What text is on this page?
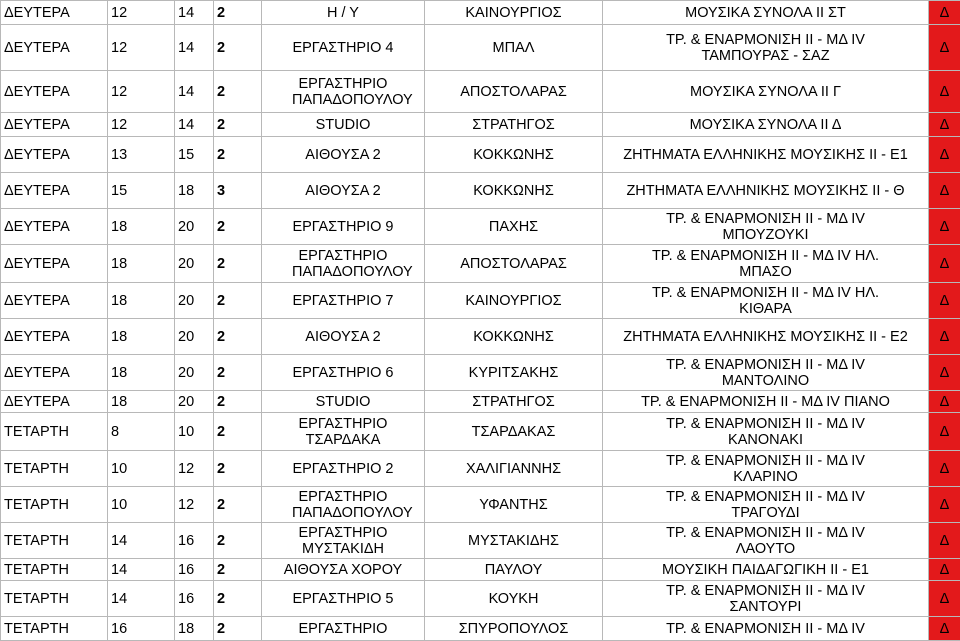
ΔΕΥΤΕΡΑ	12	14	2	Η / Υ	ΚΑΙΝΟΥΡΓΙΟΣ	ΜΟΥΣΙΚΑ ΣΥΝΟΛΑ ΙΙ ΣΤ	Δ
ΔΕΥΤΕΡΑ	12	14	2	ΕΡΓΑΣΤΗΡΙΟ 4	ΜΠΑΛ	ΤΡ. & ΕΝΑΡΜΟΝΙΣΗ ΙΙ - ΜΔ ΙV ΤΑΜΠΟΥΡΑΣ - ΣΑΖ	Δ
ΔΕΥΤΕΡΑ	12	14	2	ΕΡΓΑΣΤΗΡΙΟ ΠΑΠΑΔΟΠΟΥΛΟΥ	ΑΠΟΣΤΟΛΑΡΑΣ	ΜΟΥΣΙΚΑ ΣΥΝΟΛΑ ΙΙ Γ	Δ
ΔΕΥΤΕΡΑ	12	14	2	STUDIO	ΣΤΡΑΤΗΓΟΣ	ΜΟΥΣΙΚΑ ΣΥΝΟΛΑ ΙΙ Δ	Δ
ΔΕΥΤΕΡΑ	13	15	2	ΑΙΘΟΥΣΑ 2	ΚΟΚΚΩΝΗΣ	ΖΗΤΗΜΑΤΑ ΕΛΛΗΝΙΚΗΣ ΜΟΥΣΙΚΗΣ ΙΙ - Ε1	Δ
ΔΕΥΤΕΡΑ	15	18	3	ΑΙΘΟΥΣΑ 2	ΚΟΚΚΩΝΗΣ	ΖΗΤΗΜΑΤΑ ΕΛΛΗΝΙΚΗΣ ΜΟΥΣΙΚΗΣ ΙΙ - Θ	Δ
ΔΕΥΤΕΡΑ	18	20	2	ΕΡΓΑΣΤΗΡΙΟ 9	ΠΑΧΗΣ	ΤΡ. & ΕΝΑΡΜΟΝΙΣΗ ΙΙ - ΜΔ ΙV ΜΠΟΥΖΟΥΚΙ	Δ
ΔΕΥΤΕΡΑ	18	20	2	ΕΡΓΑΣΤΗΡΙΟ ΠΑΠΑΔΟΠΟΥΛΟΥ	ΑΠΟΣΤΟΛΑΡΑΣ	ΤΡ. & ΕΝΑΡΜΟΝΙΣΗ ΙΙ - ΜΔ ΙV ΗΛ. ΜΠΑΣΟ	Δ
ΔΕΥΤΕΡΑ	18	20	2	ΕΡΓΑΣΤΗΡΙΟ 7	ΚΑΙΝΟΥΡΓΙΟΣ	ΤΡ. & ΕΝΑΡΜΟΝΙΣΗ ΙΙ - ΜΔ ΙV ΗΛ. ΚΙΘΑΡΑ	Δ
ΔΕΥΤΕΡΑ	18	20	2	ΑΙΘΟΥΣΑ 2	ΚΟΚΚΩΝΗΣ	ΖΗΤΗΜΑΤΑ ΕΛΛΗΝΙΚΗΣ ΜΟΥΣΙΚΗΣ ΙΙ - Ε2	Δ
ΔΕΥΤΕΡΑ	18	20	2	ΕΡΓΑΣΤΗΡΙΟ 6	ΚΥΡΙΤΣΑΚΗΣ	ΤΡ. & ΕΝΑΡΜΟΝΙΣΗ ΙΙ - ΜΔ ΙV ΜΑΝΤΟΛΙΝΟ	Δ
ΔΕΥΤΕΡΑ	18	20	2	STUDIO	ΣΤΡΑΤΗΓΟΣ	ΤΡ. & ΕΝΑΡΜΟΝΙΣΗ ΙΙ - ΜΔ ΙV ΠΙΑΝΟ	Δ
ΤΕΤΑΡΤΗ	8	10	2	ΕΡΓΑΣΤΗΡΙΟ ΤΣΑΡΔΑΚΑ	ΤΣΑΡΔΑΚΑΣ	ΤΡ. & ΕΝΑΡΜΟΝΙΣΗ ΙΙ - ΜΔ ΙV ΚΑΝΟΝΑΚΙ	Δ
ΤΕΤΑΡΤΗ	10	12	2	ΕΡΓΑΣΤΗΡΙΟ 2	ΧΑΛΙΓΙΑΝΝΗΣ	ΤΡ. & ΕΝΑΡΜΟΝΙΣΗ ΙΙ - ΜΔ ΙV ΚΛΑΡΙΝΟ	Δ
ΤΕΤΑΡΤΗ	10	12	2	ΕΡΓΑΣΤΗΡΙΟ ΠΑΠΑΔΟΠΟΥΛΟΥ	ΥΦΑΝΤΗΣ	ΤΡ. & ΕΝΑΡΜΟΝΙΣΗ ΙΙ - ΜΔ ΙV ΤΡΑΓΟΥΔΙ	Δ
ΤΕΤΑΡΤΗ	14	16	2	ΕΡΓΑΣΤΗΡΙΟ ΜΥΣΤΑΚΙΔΗ	ΜΥΣΤΑΚΙΔΗΣ	ΤΡ. & ΕΝΑΡΜΟΝΙΣΗ ΙΙ - ΜΔ ΙV ΛΑΟΥΤΟ	Δ
ΤΕΤΑΡΤΗ	14	16	2	ΑΙΘΟΥΣΑ ΧΟΡΟΥ	ΠΑΥΛΟΥ	ΜΟΥΣΙΚΗ ΠΑΙΔΑΓΩΓΙΚΗ ΙΙ - Ε1	Δ
ΤΕΤΑΡΤΗ	14	16	2	ΕΡΓΑΣΤΗΡΙΟ 5	ΚΟΥΚΗ	ΤΡ. & ΕΝΑΡΜΟΝΙΣΗ ΙΙ - ΜΔ ΙV ΣΑΝΤΟΥΡΙ	Δ
ΤΕΤΑΡΤΗ	16	18	2	ΕΡΓΑΣΤΗΡΙΟ	ΣΠΥΡΟΠΟΥΛΟΣ	ΤΡ. & ΕΝΑΡΜΟΝΙΣΗ ΙΙ - ΜΔ ΙV	Δ
